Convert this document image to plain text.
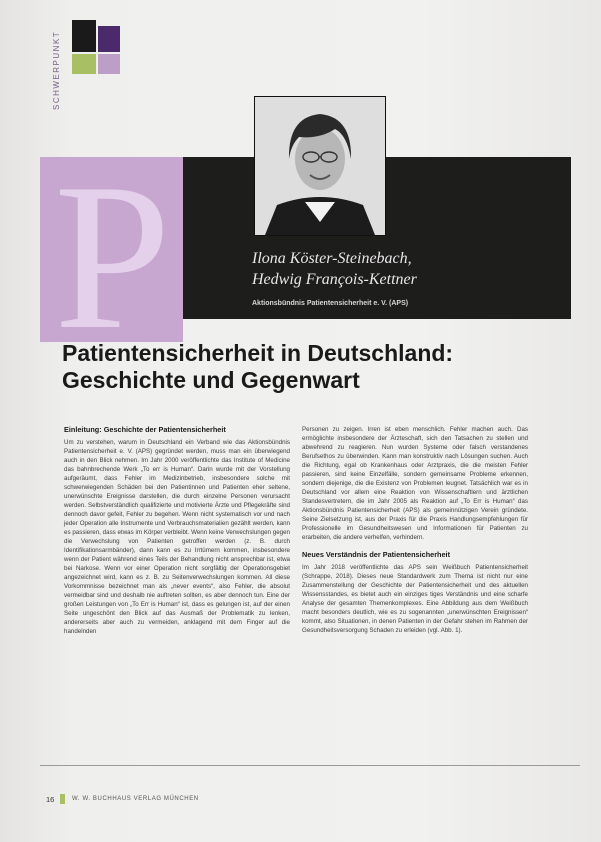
SCHWERPUNKT
P	Ilona Köster-Steinebach,
Hedwig François-Kettner
Aktionsbündnis Patientensicherheit e. V. (APS)
Patientensicherheit in Deutschland:
Geschichte und Gegenwart
Einleitung: Geschichte der Patientensicherheit

Um zu verstehen, warum in Deutschland ein Verband wie das Aktionsbündnis Patientensicherheit e. V. (APS) gegründet werden, muss man ein überwiegend auch in den Blick nehmen. Im Jahr 2000 veröffentlichte das Institute of Medicine das bahnbrechende Werk „To err is Human“. Darin wurde mit der Vorstellung aufgeräumt, dass Fehler im Medizinbetrieb, insbesondere solche mit schwerwiegenden Schäden bei den Patientinnen und Patienten eher seltene, unerwünschte Ereignisse darstellen, die durch einzelne Personen verursacht werden. Selbstverständlich qualifizierte und motivierte Ärzte und Pflegekräfte sind dennoch davor gefeit, Fehler zu begehen. Wenn nicht systematisch vor und nach jeder Operation alle Instrumente und Verbrauchsmaterialien gezählt werden, kann es passieren, dass etwas im Körper verbleibt. Wenn keine Verwechslungen gegen die Verwechslung von Patienten getroffen werden (z. B. durch Identifikationsarmbänder), dann kann es zu Irrtümern kommen, insbesondere wenn der Patient während eines Teils der Behandlung nicht ansprechbar ist, etwa bei Narkose. Wenn vor einer Operation nicht sorgfältig der Operationsgebiet angezeichnet wird, kann es z. B. zu Seitenverwechslungen kommen. All diese Vorkommnisse bezeichnet man als „never events“, also Fehler, die absolut vermeidbar sind und deshalb nie auftreten sollten, es aber dennoch tun. Eine der großen Leistungen von „To Err is Human“ ist, dass es gelungen ist, auf der einen Seite ungeschönt den Blick auf das Ausmaß der Problematik zu lenken, andererseits aber auch zu vermeiden, anklagend mit dem Finger auf die handelnden

Personen zu zeigen. Irren ist eben menschlich. Fehler machen auch. Das ermöglichte insbesondere der Ärzteschaft, sich den Tatsachen zu stellen und abwehrend zu reagieren. Nun wurden Systeme oder falsch verstandenes Berufsethos zu überwinden. Kann man konstruktiv nach Lösungen suchen. Auch die Richtung, egal ob Krankenhaus oder Arztpraxis, die die meisten Fehler passieren, sind keine Einzelfälle, sondern gemeinsame Probleme erkennen, sondern diejenige, die die Existenz von Problemen leugnet. Tatsächlich war es in Deutschland vor allem eine Reaktion von Wissenschaftlern und ärztlichen Standesvertretern, die im Jahr 2005 als Reaktion auf „To Err is Human“ das Aktionsbündnis Patientensicherheit (APS) als gemeinnützigen Verein gründete. Seine Zielsetzung ist, aus der Praxis für die Praxis Handlungsempfehlungen für Professionelle im Gesundheitswesen und Informationen für Patienten zu erarbeiten, die andere verhelfen, verhindern.

Neues Verständnis der Patientensicherheit

Im Jahr 2018 veröffentlichte das APS sein Weißbuch Patientensicherheit (Schrappe, 2018). Dieses neue Standardwerk zum Thema ist nicht nur eine Zusammenstellung der Geschichte der Patientensicherheit und des aktuellen Wissensstandes, es bietet auch ein einziges tiges Verständnis und eine scharfe Analyse der gesamten Themenkomplexes. Eine Abbildung aus dem Weißbuch macht besonders deutlich, wie es zu sogenannten „unerwünschten Ereignissen“ kommt, also Situationen, in denen Patienten in der Gefahr stehen im Rahmen der Gesundheitsversorgung Schaden zu erleiden (vgl. Abb. 1).

16	W. W. BUCHHAUS VERLAG MÜNCHEN
